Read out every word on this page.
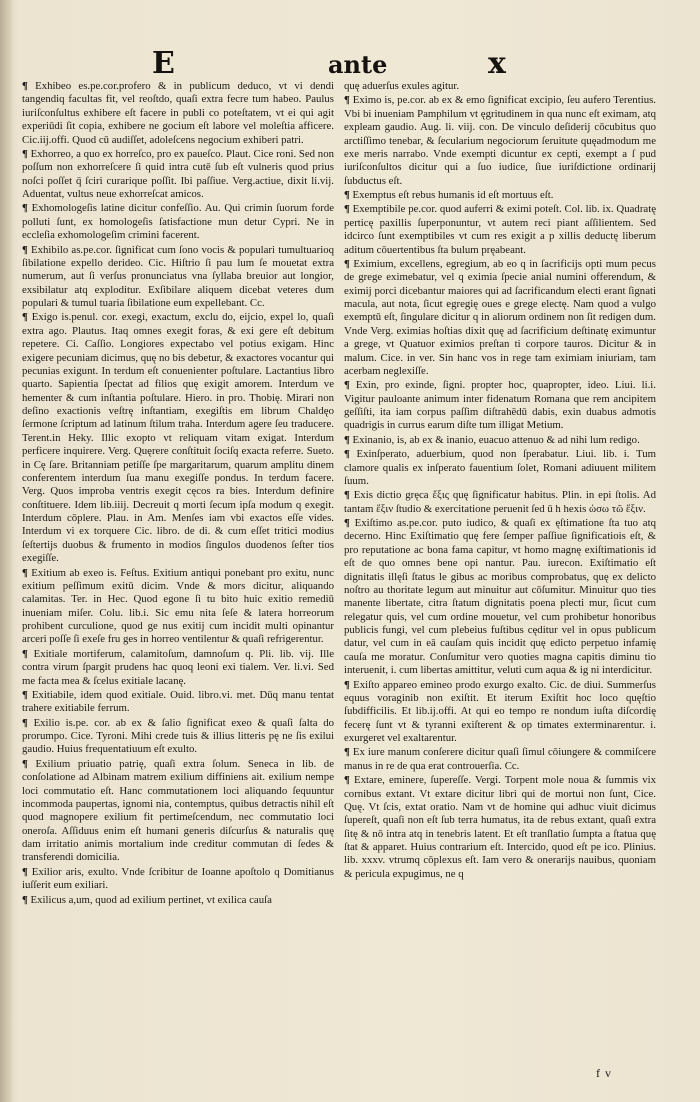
E	ante	x

¶ Exhibeo es.pe.cor.profero & in publicum deduco, vt vi dendi tangendiq facultas fit, vel reoſtdo, quaſi extra fecre tum habeo. Paulus iuriſconſultus exhibere eſt facere in publi co poteſtatem, vt ei qui agit experiūdi ſit copia, exhibere ne gocium eſt labore vel moleſtia afficere. Cic.iij.offi. Quod cū audiſſet, adoleſcens negocium exhiberi patri.

¶ Exhorreo, a quo ex horreſco, pro ex paueſco. Plaut. Cice roni. Sed non poſſum non exhorreſcere ſi quid intra cutē ſub eſt vulneris quod prius noſci poſſet q̄ ſciri curarique poſſit. Ibi paſſiue. Verg.actiue, dixit li.vij. Aduentat, vultus neue exhorreſcat amicos.

¶ Exhomologeſis latine dicitur confeſſio. Au. Qui crimin ſuorum forde polluti ſunt, ex homologeſis ſatisfactione mun detur Cypri. Ne in eccleſia exhomologeſim crimini facerent.

¶ Exhibilo as.pe.cor. ſignificat cum ſono vocis & populari tumultuarioq ſibilatione expello derideo. Cic. Hiſtrio ſi pau lum ſe mouetat extra numerum, aut ſi verſus pronunciatus vna ſyllaba breuior aut longior, exsibilatur atq exploditur. Exſibilare aliquem dicebat veteres dum populari & tumul tuaria ſibilatione eum expellebant. Cc.

¶ Exigo is.penul. cor. exegi, exactum, exclu do, eijcio, expel lo, quaſi extra ago. Plautus. Itaq omnes exegit foras, & exi gere eſt debitum repetere. Ci. Caſſio. Longiores expectabo vel potius exigam. Hinc exigere pecuniam dicimus, quę no bis debetur, & exactores vocantur qui pecunias exigunt. In terdum eſt conuenienter poſtulare. Lactantius libro quarto. Sapientia ſpectat ad filios quę exigit amorem. Interdum ve hementer & cum inſtantia poſtulare. Hiero. in pro. Thobię. Mirari non deſino exactionis veſtrę inſtantiam, exegiſtis em librum Chaldęo ſermone ſcriptum ad latinum ſtilum traha. Interdum agere ſeu traducere. Terent.in Heky. Illic exopto vt reliquam vitam exigat. Interdum perficere inquirere. Verg. Quęrere conſtituit ſociſq exacta referre. Sueto. in Cę ſare. Britanniam petiſſe ſpe margaritarum, quarum amplitu dinem conferentem interdum ſua manu exegiſſe pondus. In terdum facere. Verg. Quos improba ventris exegit cęcos ra bies. Interdum definire conſtituere. Idem lib.iiij. Decreuit q morti ſecum ipſa modum q exegit. Interdum cōplere. Plau. in Am. Menſes iam vbi exactos eſſe vides. Interdum vi ex torquere Cic. libro. de di. & cum eſſet tritici modius ſeſtertijs duobus & frumento in modios ſingulos duodenos ſeſter tios exegiſſe.

¶ Exitium ab exeo is. Feſtus. Exitium antiqui ponebant pro exitu, nunc exitium peſſimum exitū dicim. Vnde & mors dicitur, aliquando calamitas. Ter. in Hec. Quod egone ſi tu bito huic exitio remediū inueniam miſer. Colu. lib.i. Sic emu nita ſeſe & latera horreorum prohibent curculione, quod ge nus exitij cum incidit multi opinantur arceri poſſe ſi exeſe fru ges in horreo ventilentur & quaſi refrigerentur.

¶ Exitiale mortiferum, calamitoſum, damnoſum q. Pli. lib. vij. Ille contra virum ſpargit prudens hac quoq leoni exi tialem. Ver. li.vi. Sed me facta mea & ſcelus exitiale lacanę.

¶ Exitiabile, idem quod exitiale. Ouid. libro.vi. met. Dūq manu tentat trahere exitiabile ferrum.

¶ Exilio is.pe. cor. ab ex & ſalio ſignificat exeo & quaſi ſalta do prorumpo. Cice. Tyroni. Mihi crede tuis & illius litteris pę ne ſis exilui gaudio. Huius frequentatiuum eſt exulto.

¶ Exilium priuatio patrię, quaſi extra ſolum. Seneca in lib. de conſolatione ad Albinam matrem exilium diffiniens ait. exilium nempe loci commutatio eſt. Hanc commutationem loci aliquando ſequuntur incommoda paupertas, ignomi nia, contemptus, quibus detractis nihil eſt quod magnopere exilium fit pertimeſcendum, nec commutatio loci oneroſa. Aſſiduus enim eſt humani generis diſcurſus & naturalis quę dam irritatio animis mortalium inde creditur commutan di ſedes & transferendi domicilia.

¶ Exilior aris, exulto. Vnde ſcribitur de Ioanne apoſtolo q Domitianus iuſſerit eum exiliari.

¶ Exilicus a,um, quod ad exilium pertinet, vt exilica cauſa

quę aduerſus exules agitur.

¶ Eximo is, pe.cor. ab ex & emo ſignificat excipio, ſeu aufero Terentius. Vbi bi inueniam Pamphilum vt ęgritudinem in qua nunc eſt eximam, atq expleam gaudio. Aug. li. viij. con. De vinculo deſiderij cōcubitus quo arctiſſimo tenebar, & ſecularium negociorum ſeruitute quęadmodum me exe meris narrabo. Vnde exempti dicuntur ex cepti, exempt a ſ pud iuriſconſultos dicitur qui a ſuo iudice, ſiue iuriſdictione ordinarij ſubductus eſt.

¶ Exemptus eſt rebus humanis id eſt mortuus eſt.

¶ Exemptibile pe.cor. quod auferri & eximi poteſt. Col. lib. ix. Quadratę perticę paxillis ſuperponuntur, vt autem reci piant aſſilientem. Sed idcirco ſunt exemptibiles vt cum res exigit a p xillis deductę liberum aditum cōuertentibus ſta bulum pręabeant.

¶ Eximium, excellens, egregium, ab eo q in ſacrificijs opti mum pecus de grege eximebatur, vel q eximia ſpecie anial numini offerendum, & eximij porci dicebantur maiores qui ad ſacrificandum electi erant ſignati macula, aut nota, ſicut egregię oues e grege electę. Nam quod a vulgo exemptū eſt, ſingulare dicitur q in aliorum ordinem non ſit redigen dum. Vnde Verg. eximias hoſtias dixit quę ad ſacrificium deſtinatę eximuntur a grege, vt Quatuor eximios preſtan ti corpore tauros. Dicitur & in malum. Cice. in ver. Sin hanc vos in rege tam eximiam iniuriam, tam acerbam neglexiſſe.

¶ Exin, pro exinde, ſigni. propter hoc, quapropter, ideo. Liui. li.i. Vigitur pauloante animum inter fidenatum Romana que rem ancipitem geſſiſti, ita iam corpus paſſim diſtrahēdū dabis, exin duabus admotis quadrigis in currus earum diſte tum illigat Metium.

¶ Exinanio, is, ab ex & inanio, euacuo attenuo & ad nihi lum redigo.

¶ Exinſperato, aduerbium, quod non ſperabatur. Liui. lib. i. Tum clamore qualis ex inſperato fauentium ſolet, Romani adiuuent militem ſuum.

¶ Exis dictio gręca ἕξις quę ſignificatur habitus. Plin. in epi ſtolis. Ad tantam ἕξιν ſtudio & exercitatione peruenit ſed ū h hexis ὠσω τῶ ἕξιν.

¶ Exiſtimo as.pe.cor. puto iudico, & quaſi ex ęſtimatione ſta tuo atq decerno. Hinc Exiſtimatio quę fere ſemper paſſiue ſignificatiois eſt, & pro reputatione ac bona fama capitur, vt homo magnę exiſtimationis id eſt de quo omnes bene opi nantur. Pau. iurecon. Exiſtimatio eſt dignitatis illęſi ſtatus le gibus ac moribus comprobatus, quę ex delicto noſtro au thoritate legum aut minuitur aut cōſumitur. Minuitur quo ties manente libertate, citra ſtatum dignitatis poena plecti mur, ſicut cum relegatur quis, vel cum ordine mouetur, vel cum prohibetur honoribus publicis fungi, vel cum plebeius fuſtibus cęditur vel in opus publicum datur, vel cum in eā cauſam quis incidit quę edicto perpetuo infamię cauſa me moratur. Conſumitur vero quoties magna capitis diminu tio interuenit, i. cum libertas amittitur, veluti cum aqua & ig ni interdicitur.

¶ Exiſto appareo emineo prodo exurgo exalto. Cic. de diui. Summerſus equus voraginib non exiſtit. Et iterum Exiſtit hoc loco quęſtio ſubdifficilis. Et lib.ij.offi. At qui eo tempo re nondum iuſta diſcordię fecerę ſunt vt & tyranni exiſterent & op timates exterminarentur. i. exurgeret vel exaltarentur.

¶ Ex iure manum conſerere dicitur quaſi ſimul cōiungere & commiſcere manus in re de qua erat controuerſia. Cc.

¶ Extare, eminere, ſupereſſe. Vergi. Torpent mole noua & ſummis vix cornibus extant. Vt extare dicitur libri qui de mortui non ſunt, Cice. Quę. Vt ſcis, extat oratio. Nam vt de homine qui adhuc viuit dicimus ſupereſt, quaſi non eſt ſub terra humatus, ita de rebus extant, quaſi extra ſitę & nō intra atq in tenebris latent. Et eſt tranſlatio ſumpta a ſtatua quę ſtat & apparet. Huius contrarium eſt. Intercido, quod eſt pe ico. Plinius. lib. xxxv. vtrumq cōplexus eſt. Iam vero & onerarijs nauibus, quoniam & pericula expugimus, ne q

f v
